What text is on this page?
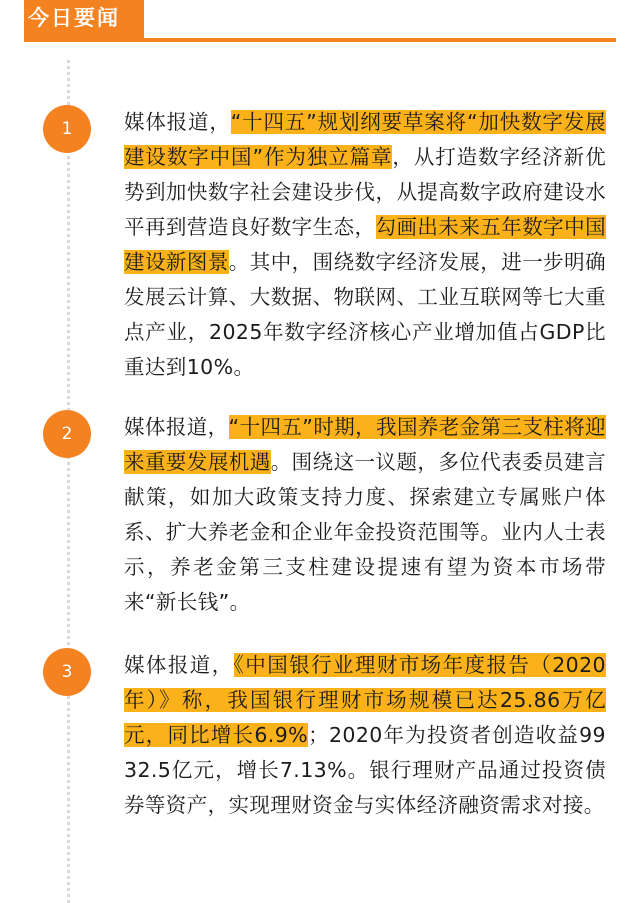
今日要闻
1	媒体报道，“十四五”规划纲要草案将“加快数字发展 建设数字中国”作为独立篇章，从打造数字经济新优势到加快数字社会建设步伐，从提高数字政府建设水平再到营造良好数字生态，勾画出未来五年数字中国建设新图景。其中，围绕数字经济发展，进一步明确发展云计算、大数据、物联网、工业互联网等七大重点产业，2025年数字经济核心产业增加值占GDP比重达到10%。
2	媒体报道，“十四五”时期，我国养老金第三支柱将迎来重要发展机遇。围绕这一议题，多位代表委员建言献策，如加大政策支持力度、探索建立专属账户体系、扩大养老金和企业年金投资范围等。业内人士表示，养老金第三支柱建设提速有望为资本市场带来“新长钱”。
3	媒体报道，《中国银行业理财市场年度报告（2020年）》称，我国银行理财市场规模已达25.86万亿元，同比增长6.9%；2020年为投资者创造收益9932.5亿元，增长7.13%。银行理财产品通过投资债券等资产，实现理财资金与实体经济融资需求对接。
